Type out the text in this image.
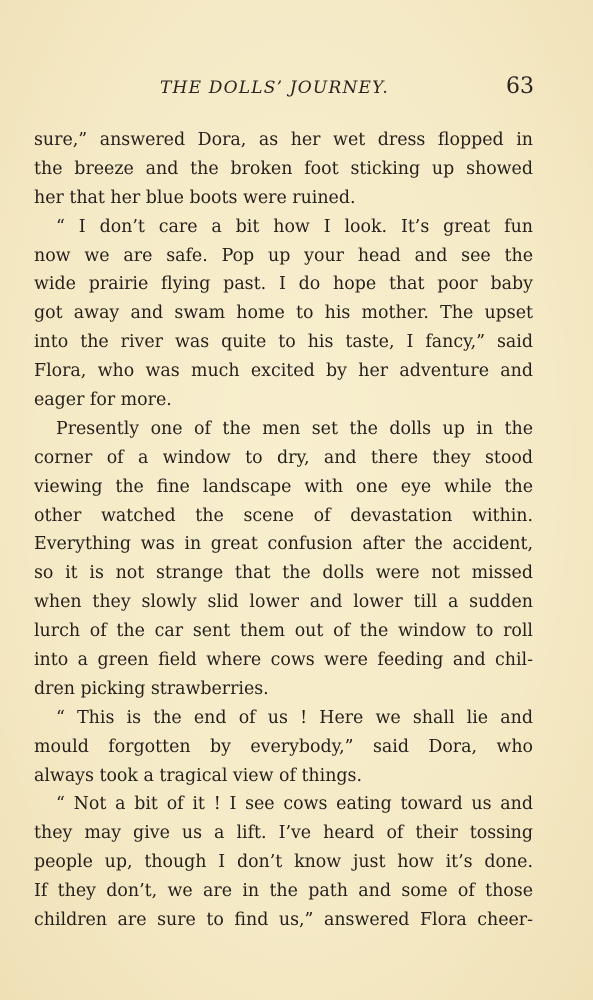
THE DOLLS’ JOURNEY.	63
sure,” answered Dora, as her wet dress flopped in
the breeze and the broken foot sticking up showed
her that her blue boots were ruined.
“ I don’t care a bit how I look. It’s great fun
now we are safe. Pop up your head and see the
wide prairie flying past. I do hope that poor baby
got away and swam home to his mother. The upset
into the river was quite to his taste, I fancy,” said
Flora, who was much excited by her adventure and
eager for more.
Presently one of the men set the dolls up in the
corner of a window to dry, and there they stood
viewing the fine landscape with one eye while the
other watched the scene of devastation within.
Everything was in great confusion after the accident,
so it is not strange that the dolls were not missed
when they slowly slid lower and lower till a sudden
lurch of the car sent them out of the window to roll
into a green field where cows were feeding and chil-
dren picking strawberries.
“ This is the end of us ! Here we shall lie and
mould forgotten by everybody,” said Dora, who
always took a tragical view of things.
“ Not a bit of it ! I see cows eating toward us and
they may give us a lift. I’ve heard of their tossing
people up, though I don’t know just how it’s done.
If they don’t, we are in the path and some of those
children are sure to find us,” answered Flora cheer-
